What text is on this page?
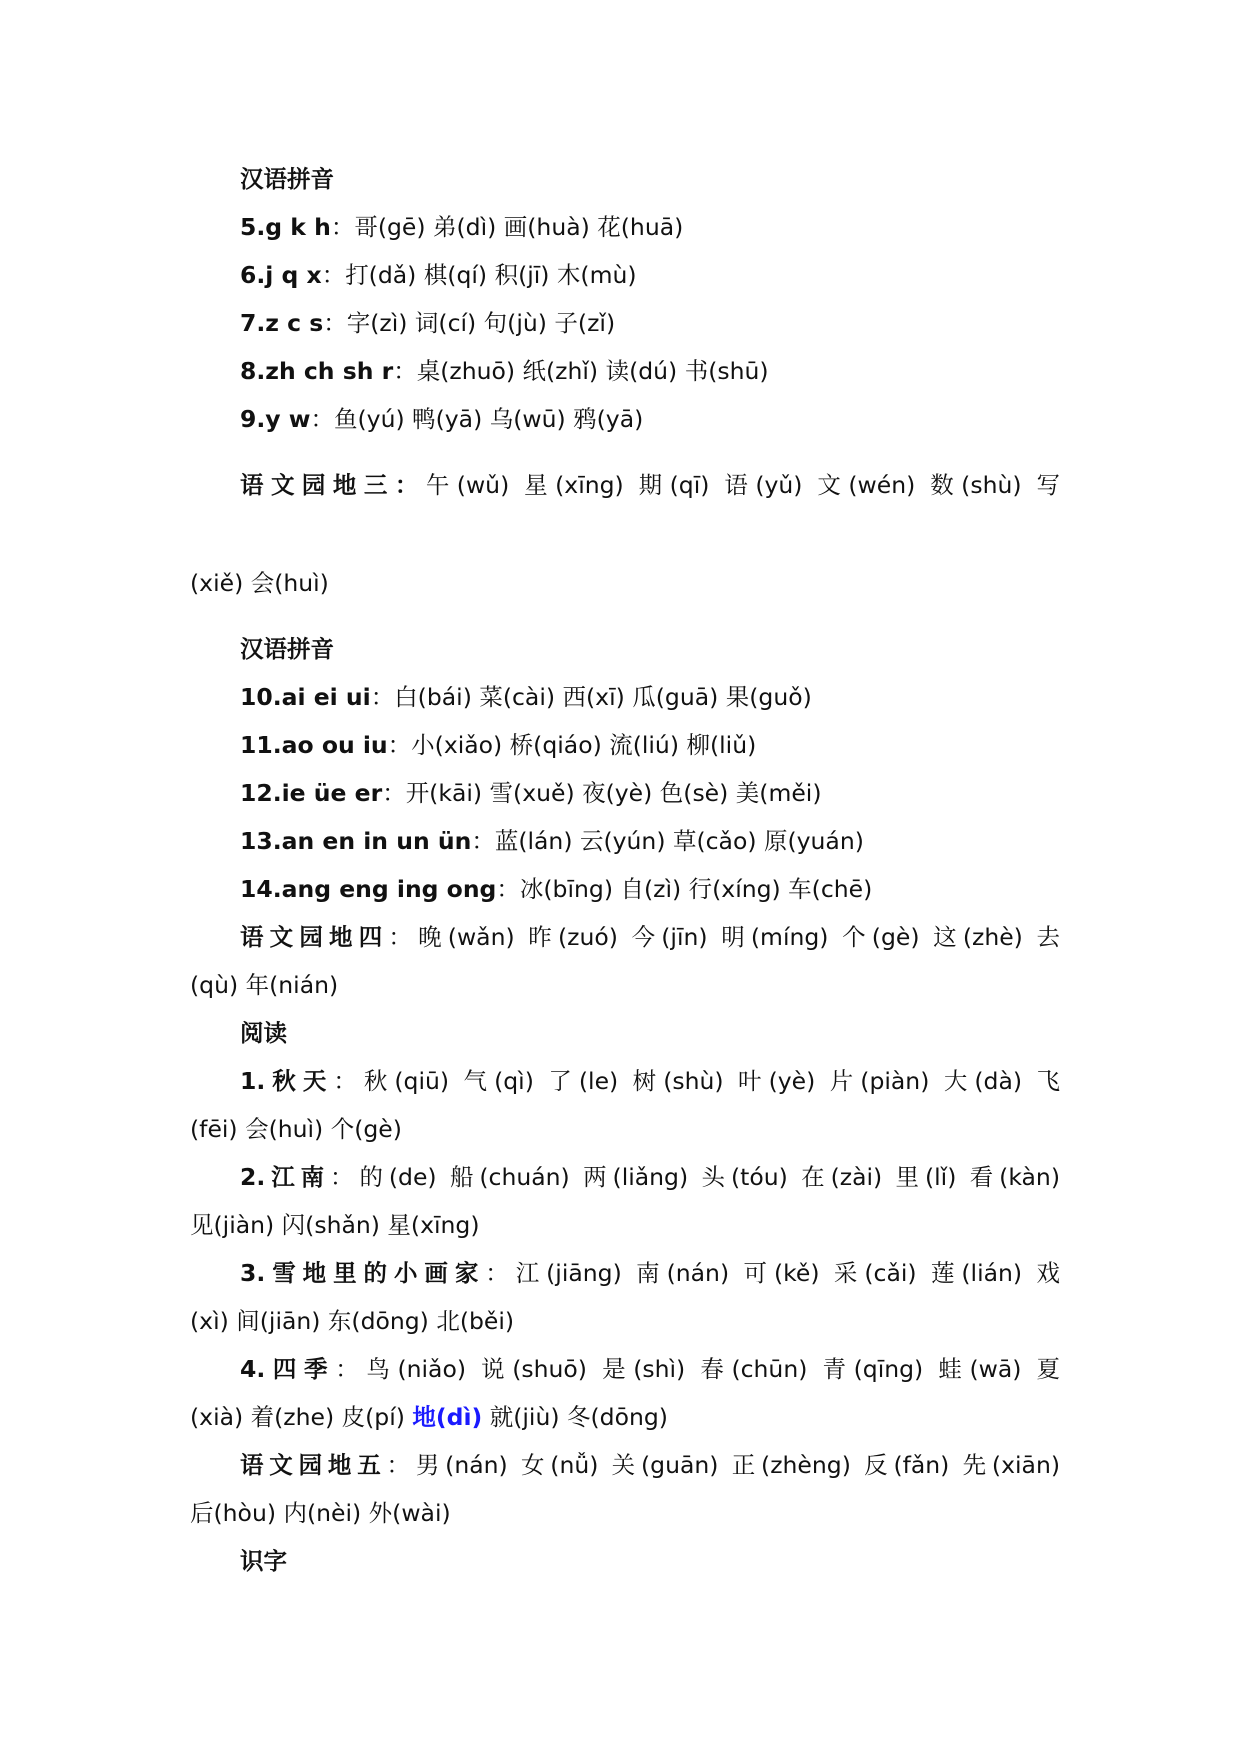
汉语拼音
5.g k h：哥(gē) 弟(dì) 画(huà) 花(huā)
6.j q x：打(dǎ) 棋(qí) 积(jī) 木(mù)
7.z c s：字(zì) 词(cí) 句(jù) 子(zǐ)
8.zh ch sh r：桌(zhuō) 纸(zhǐ) 读(dú) 书(shū)
9.y w：鱼(yú) 鸭(yā) 乌(wū) 鸦(yā)
语文园地三：午(wǔ) 星(xīng) 期(qī) 语(yǔ) 文(wén) 数(shù) 写
(xiě) 会(huì)
汉语拼音
10.ai ei ui：白(bái) 菜(cài) 西(xī) 瓜(guā) 果(guǒ)
11.ao ou iu：小(xiǎo) 桥(qiáo) 流(liú) 柳(liǔ)
12.ie üe er：开(kāi) 雪(xuě) 夜(yè) 色(sè) 美(měi)
13.an en in un ün：蓝(lán) 云(yún) 草(cǎo) 原(yuán)
14.ang eng ing ong：冰(bīng) 自(zì) 行(xíng) 车(chē)
语文园地四：晚(wǎn) 昨(zuó) 今(jīn) 明(míng) 个(gè) 这(zhè) 去
(qù) 年(nián)
阅读
1.秋天：秋(qiū) 气(qì) 了(le) 树(shù) 叶(yè) 片(piàn) 大(dà) 飞
(fēi) 会(huì) 个(gè)
2.江南：的(de) 船(chuán) 两(liǎng) 头(tóu) 在(zài) 里(lǐ) 看(kàn)
见(jiàn) 闪(shǎn) 星(xīng)
3.雪地里的小画家：江(jiāng) 南(nán) 可(kě) 采(cǎi) 莲(lián) 戏
(xì) 间(jiān) 东(dōng) 北(běi)
4.四季：鸟(niǎo) 说(shuō) 是(shì) 春(chūn) 青(qīng) 蛙(wā) 夏
(xià) 着(zhe) 皮(pí) 地(dì) 就(jiù) 冬(dōng)
语文园地五：男(nán) 女(nǚ) 关(guān) 正(zhèng) 反(fǎn) 先(xiān)
后(hòu) 内(nèi) 外(wài)
识字
